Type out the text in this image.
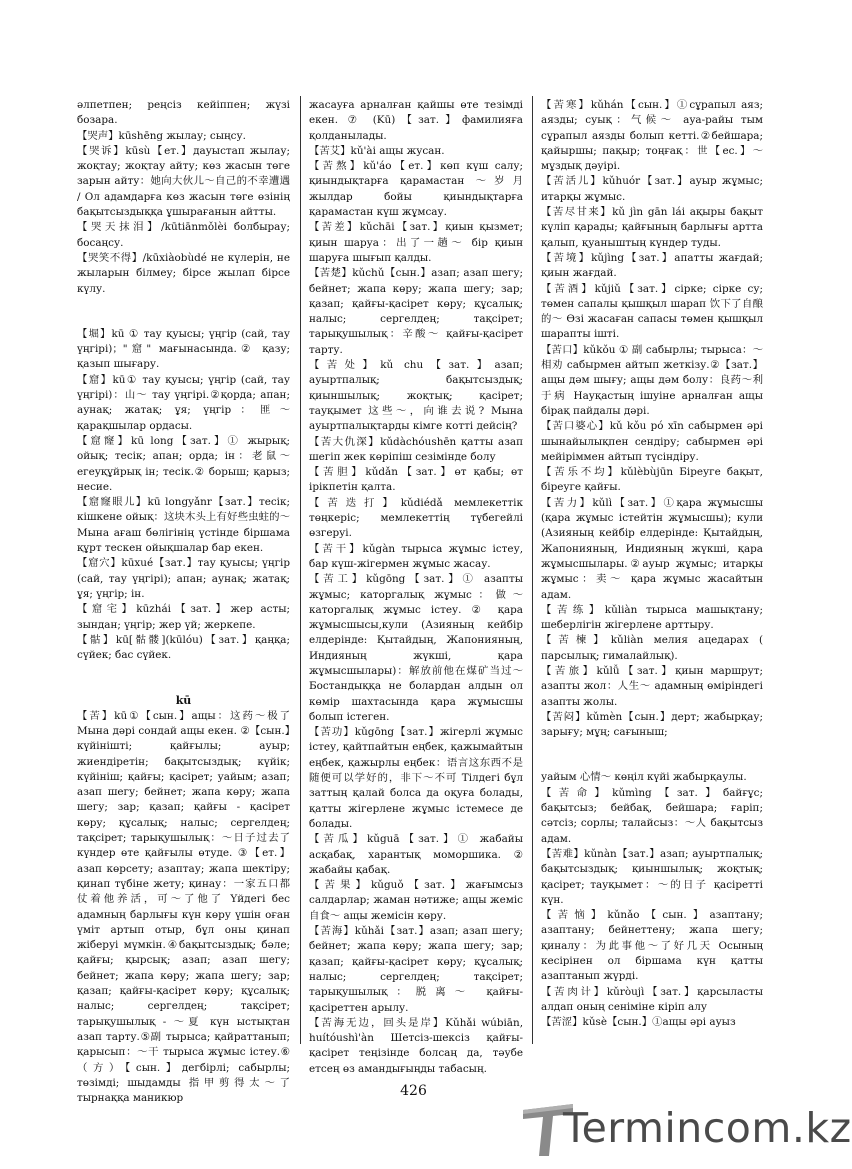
әлпетпен; реңсіз кейіппен; жүзі бозара.

【哭声】kūshēng жылау; сыңсу.

【哭诉】kūsù【ет.】дауыстап жылау; жоқтау; жоқтау айту; көз жасын төге зарын айту：她向大伙儿～自己的不幸遭遇 / Ол адамдарға көз жасын төге өзінің бақытсыздыққа ұшырағанын айтты.

【哭天抹泪】/kūtiānmǒlèi болбырау; босаңсу.

【哭笑不得】/kūxiàobùdé не күлерін, не жыларын білмеу; бірсе жылап бірсе күлу.

【堀】kū ① тау қуысы; үңгір (сай, тау үңгірі)；"窟" мағынасында.② қазу; қазып шығару.

【窟】kū① тау қуысы; үңгір (сай, тау үңгірі)：山～ тау үңгірі.②қорда; апан; аунақ; жатақ; ұя; үңгір：匪～ қарақшылар ордасы.

【窟窿】kū long【зат.】① жырық; ойық; тесік; апан; орда; ін：老鼠～ егеуқұйрық ін; тесік.② борыш; қарыз; несие.

【窟窿眼儿】kū longyǎnr【зат.】тесік; кішкене ойық：这块木头上有好些虫蛀的～ Мына ағаш бөлігінің үстінде біршама құрт тескен ойықшалар бар екен.

【窟穴】kūxué【зат.】тау қуысы; үңгір (сай, тау үңгірі); апан; аунақ; жатақ; ұя; үңгір; ін.

【窟宅】kūzhái【зат.】жер асты; зындан; үңгір; жер үй; жеркепе.

【骷】kū[骷髅](kūlóu)【зат.】қаңқа; сүйек; бас сүйек.

kū

【苦】kū①【сын.】ащы：这药～极了 Мына дәрі сондай ащы екен. ②【сын.】күйінішті; қайғылы; ауыр; жиендіретін; бақытсыздық; күйік; күйініш; қайғы; қасірет; уайым; азап; азап шегу; бейнет; жапа көру; жапа шегу; зар; қазап; қайғы - қасірет көру; құсалық; налыс; сергелдең; тақсірет; тарықушылық：～日子过去了 күндер өте қайғылы өтуде. ③【ет.】азап көрсету; азаптау; жапа шектіру; қинап түбіне жету; қинау：一家五口都仗着他养活，可～了他了 Үйдегі бес адамның барлығы күн көру үшін оған үміт артып отыр, бұл оны қинап жіберуі мүмкін.④бақытсыздық; бәле; қайғы; қырсық; азап; азап шегу; бейнет; жапа көру; жапа шегу; зар; қазап; қайғы-қасірет көру; құсалық; налыс; сергелдең; тақсірет; тарықушылық - ～夏 күн ыстықтан азап тарту.⑤副 тырыса; қайраттанып; қарысып：～干 тырыса жұмыс істеу.⑥（方）【сын.】дегбірлі; сабырлы; төзімді; шыдамды 指甲剪得太～了 тырнаққа маникюр

жасауға арналған қайшы өте тезімді екен. ⑦ (Kū)【зат.】фамилияға қолданылады.

【苦艾】kǔ'ài ащы жусан.

【苦熬】kǔ'áo【ет.】көп күш салу; қиындықтарға қарамастан ～岁月 жылдар бойы қиындықтарға қарамастан күш жұмсау.

【苦差】kǔchāi【зат.】қиын қызмет; қиын шаруа：出了一趟～ бір қиын шаруға шығып қалды.

【苦楚】kǔchǔ【сын.】азап; азап шегу; бейнет; жапа көру; жапа шегу; зар; қазап; қайғы-қасірет көру; құсалық; налыс; сергелдең; тақсірет; тарықушылық：辛酸～ қайғы-қасірет тарту.

【苦处】kǔ chu【зат.】азап; ауыртпалық; бақытсыздық; қиыншылық; жоқтық; қасірет; тауқымет 这些～，向谁去说? Мына ауыртпалықтарды кімге котті дейсің?

【苦大仇深】kǔdàchóushēn қатты азап шегіп жек көріпіш сезімінде болу

【苦胆】kǔdǎn【зат.】өт қабы; өт ірікпетін қалта.

【苦迭打】kǔdiédǎ мемлекеттік төңкеріс; мемлекеттің түбегейлі өзгеруі.

【苦干】kǔgàn тырыса жұмыс істеу, бар күш-жігермен жұмыс жасау.

【苦工】kǔgōng【зат.】① азапты жұмыс; каторгалық жұмыс：做～ каторгалық жұмыс істеу. ② қара жұмысшысы,кули (Азияның кейбір елдерінде: Қытайдың, Жапонияның, Индияның жүкші, қара жұмысшылары)：解放前他在煤矿当过～ Бостандыққа не болардан алдын ол көмір шахтасында қара жұмысшы болып істеген.

【苦功】kǔgōng【зат.】жігерлі жұмыс істеу, қайтпайтын еңбек, қажымайтын еңбек, қажырлы еңбек：语言这东西不是随便可以学好的，非下～不可 Тілдегі бұл заттың қалай болса да оқуға болады, қатты жігерлене жұмыс істемесе де болады.

【苦瓜】kǔguā【зат.】① жабайы асқабақ, харантық моморшика. ② жабайы қабақ.

【苦果】kǔguǒ【зат.】жағымсыз салдарлар; жаман нәтиже; ащы жеміс 自食～ ащы жемісін көру.

【苦海】kǔhǎi【зат.】азап; азап шегу; бейнет; жапа көру; жапа шегу; зар; қазап; қайғы-қасірет көру; құсалық; налыс; сергелдең; тақсірет; тарықушылық：脱离～ қайғы-қасіреттен арылу.

【苦海无边，回头是岸】Kǔhǎi wúbiān, huítóushì'àn Шетсіз-шексіз қайғы-қасірет теңізінде болсаң да, тәубе етсең өз амандығыңды табасың.

【苦寒】kǔhán【сын.】①сұрапыл аяз; аязды; суық：气候～ ауа-райы тым сұрапыл аязды болып кетті.②бейшара; қайыршы; пақыр; тоңғақ：世【ес.】～ мұздық дәуірі.

【苦活儿】kǔhuór【зат.】ауыр жұмыс; итарқы жұмыс.

【苦尽甘来】kǔ jìn gān lái ақыры бақыт күліп қарады; қайғының барлығы артта қалып, қуаныштың күндер туды.

【苦境】kǔjìng【зат.】апатты жағдай; қиын жағдай.

【苦酒】kǔjiǔ【зат.】сірке; сірке су; төмен сапалы қышқыл шарап 饮下了自酿的～ Өзі жасаған сапасы төмен қышқыл шарапты ішті.

【苦口】kǔkǒu ① 副 сабырлы; тырыса：～相劝 сабырмен айтып жеткізу.②【зат.】ащы дәм шығу; ащы дәм болу：良药～利于病 Науқастың ішуіне арналған ащы бірақ пайдалы дәрі.

【苦口婆心】kǔ kǒu pó xīn сабырмен әрі шынайылықпен сендіру; сабырмен әрі мейіріммен айтып түсіндіру.

【苦乐不均】kǔlèbùjūn Біреуге бақыт, біреуге қайғы.

【苦力】kǔlì【зат.】①қара жұмысшы (қара жұмыс істейтін жұмысшы); кули (Азияның кейбір елдерінде: Қытайдың, Жапонияның, Индияның жүкші, қара жұмысшылары.②ауыр жұмыс; итарқы жұмыс：卖～ қара жұмыс жасайтын адам.

【苦练】kǔliàn тырыса машықтану; шеберлігін жігерлене арттыру.

【苦楝】kǔliàn мелия ацедарах ( парсылық; гималайлық).

【苦旅】kǔlǚ【зат.】қиын маршрут; азапты жол：人生～ адамның өміріндегі азапты жолы.

【苦闷】kǔmèn【сын.】дерт; жабырқау; зарығу; мұң; сағыныш;

уайым 心情～ көңіл күйі жабырқаулы.

【苦命】kǔmìng【зат.】байғұс; бақытсыз; бейбақ, бейшара; ғаріп; сәтсіз; сорлы; талайсыз：～人 бақытсыз адам.

【苦难】kǔnàn【зат.】азап; ауыртпалық; бақытсыздық; қиыншылық; жоқтық; қасірет; тауқымет：～的日子 қасіретті күн.

【苦恼】kǔnǎo【сын.】азаптану; азаптану; бейнеттену; жапа шегу; қиналу：为此事他～了好几天 Осының кесірінен ол біршама күн қатты азаптанып жүрді.

【苦肉计】kǔròujì【зат.】қарсыласты алдап оның сеніміне кіріп алу

【苦涩】kǔsè【сын.】①ащы әрі ауыз

426
Termincom.kz
